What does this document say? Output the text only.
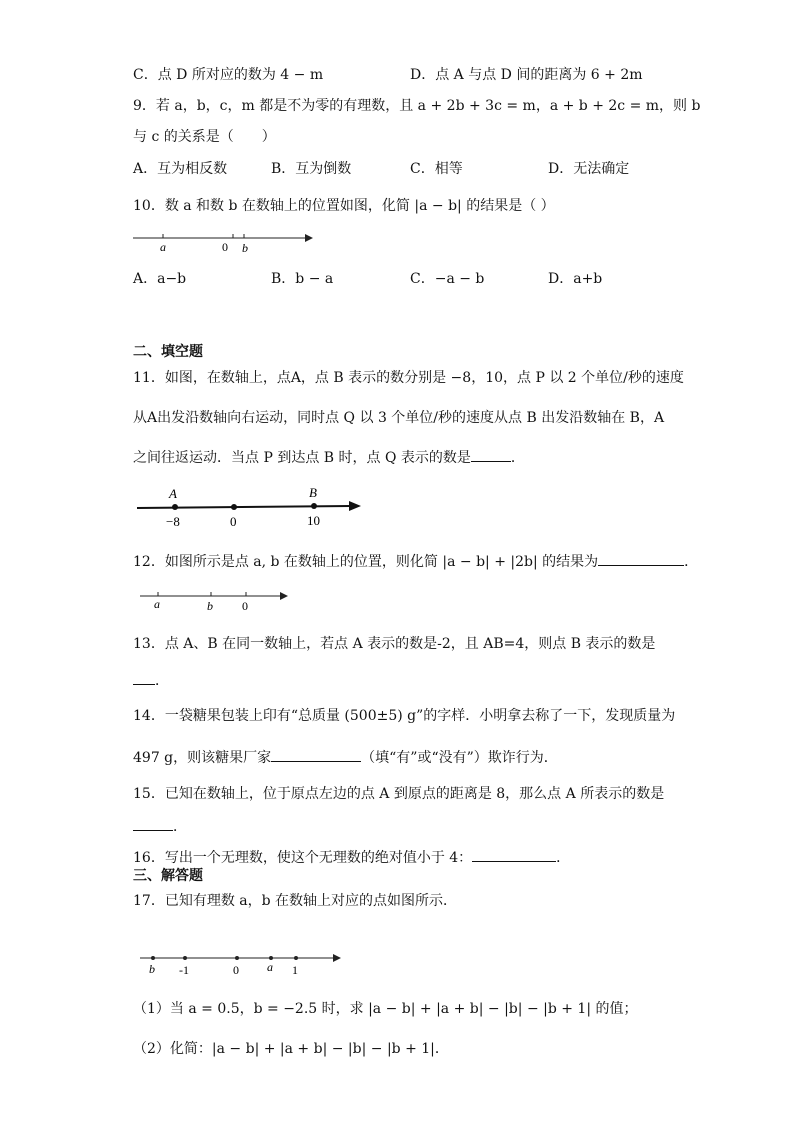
C．点 D 所对应的数为 4 − m	D．点 A 与点 D 间的距离为 6 + 2m
9．若 a，b，c，m 都是不为零的有理数，且 a + 2b + 3c = m，a + b + 2c = m，则 b
与 c 的关系是（　　）
A．互为相反数	B．互为倒数	C．相等	D．无法确定
10．数 a 和数 b 在数轴上的位置如图，化简 |a − b| 的结果是（ ）
a	0 b
A．a−b	B．b − a	C．−a − b	D．a+b
二、填空题
11．如图，在数轴上，点A，点 B 表示的数分别是 −8，10，点 P 以 2 个单位/秒的速度
从A出发沿数轴向右运动，同时点 Q 以 3 个单位/秒的速度从点 B 出发沿数轴在 B，A
之间往返运动．当点 P 到达点 B 时，点 Q 表示的数是	．
A	B
−8	0	10
12．如图所示是点 a, b 在数轴上的位置，则化简 |a − b| + |2b| 的结果为	．
a	b 0
13．点 A、B 在同一数轴上，若点 A 表示的数是-2，且 AB=4，则点 B 表示的数是
．
14．一袋糖果包装上印有“总质量 (500±5) g”的字样．小明拿去称了一下，发现质量为
497 g，则该糖果厂家	（填“有”或“没有”）欺诈行为．
15．已知在数轴上，位于原点左边的点 A 到原点的距离是 8，那么点 A 所表示的数是
．
16．写出一个无理数，使这个无理数的绝对值小于 4：	．
三、解答题
17．已知有理数 a，b 在数轴上对应的点如图所示．
b -1	0 a 1
（1）当 a = 0.5，b = −2.5 时，求 |a − b| + |a + b| − |b| − |b + 1| 的值；
（2）化简：|a − b| + |a + b| − |b| − |b + 1|．
